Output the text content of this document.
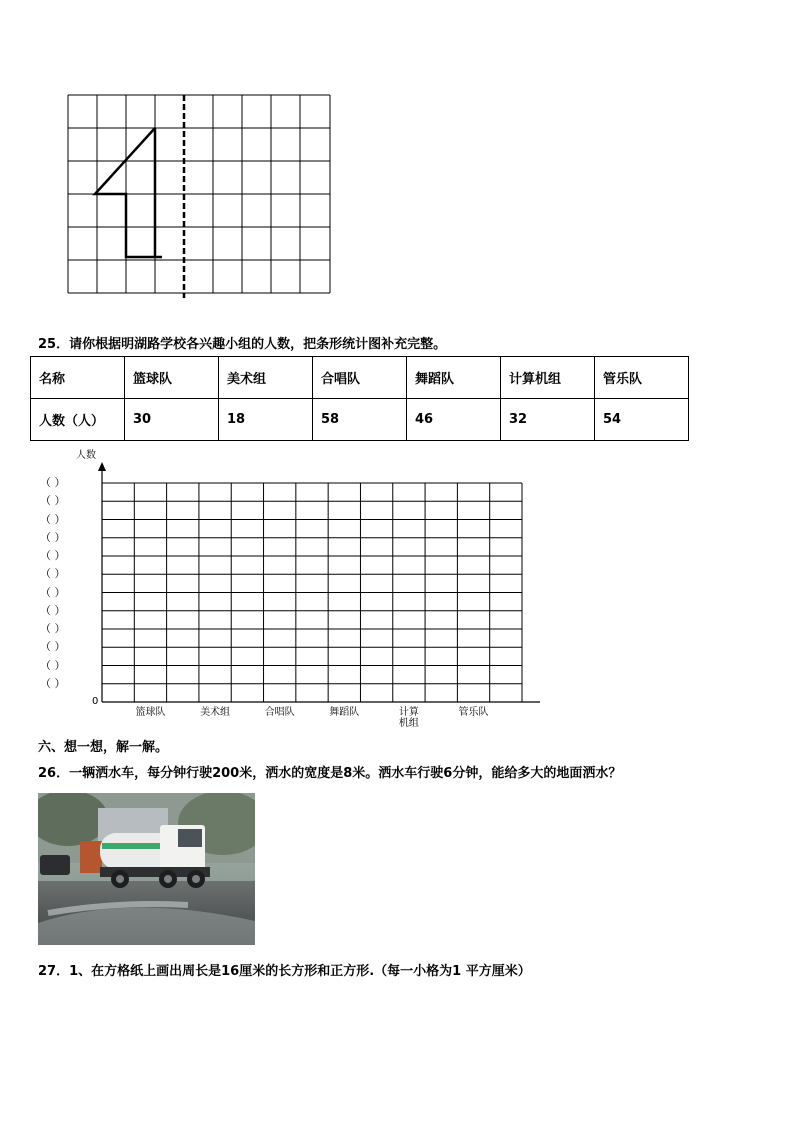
25．请你根据明湖路学校各兴趣小组的人数，把条形统计图补充完整。
名称	篮球队	美术组	合唱队	舞蹈队	计算机组	管乐队
人数（人）	30	18	58	46	32	54
人数
（ ）
（ ）
（ ）
（ ）
（ ）
（ ）
（ ）
（ ）
（ ）
（ ）
（ ）
（ ）
0
篮球队	美术组	合唱队	舞蹈队	计算
机组
管乐队
六、想一想，解一解。
26．一辆洒水车，每分钟行驶200米，洒水的宽度是8米。洒水车行驶6分钟，能给多大的地面洒水？
27．1、在方格纸上画出周长是16厘米的长方形和正方形.（每一小格为1 平方厘米）
